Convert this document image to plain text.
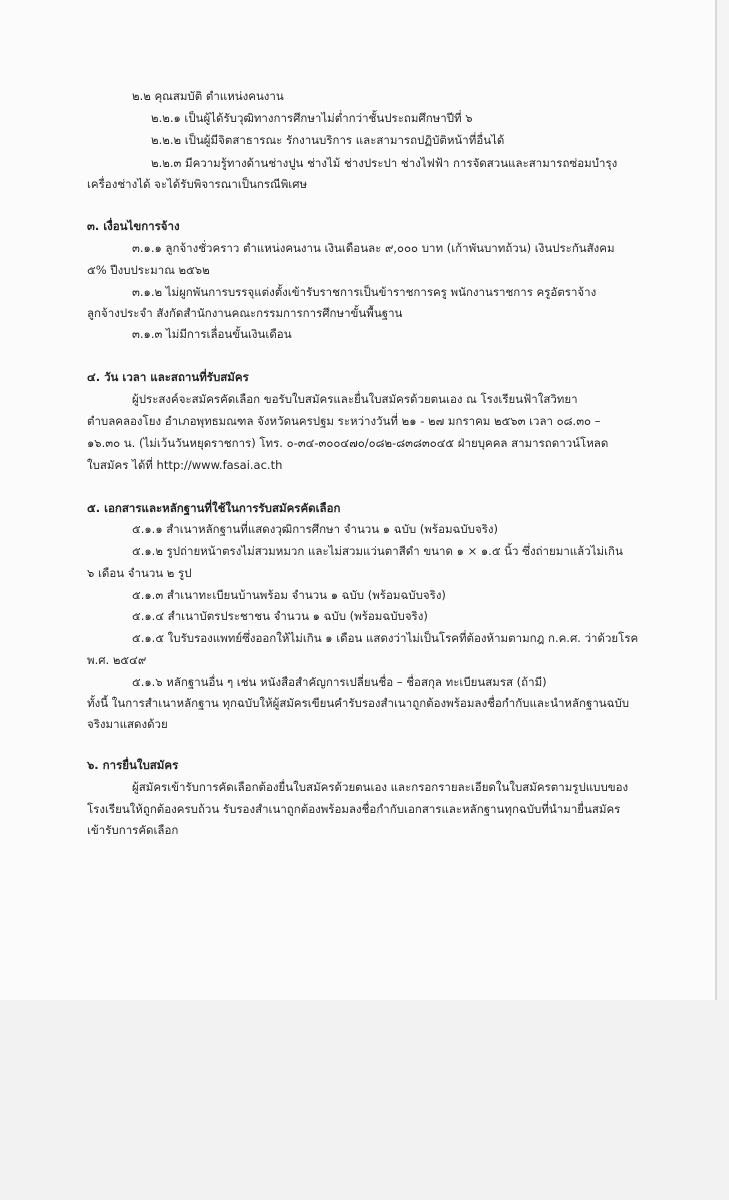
๒.๒ คุณสมบัติ ตำแหน่งคนงาน
๒.๒.๑ เป็นผู้ได้รับวุฒิทางการศึกษาไม่ต่ำกว่าชั้นประถมศึกษาปีที่ ๖
๒.๒.๒ เป็นผู้มีจิตสาธารณะ รักงานบริการ และสามารถปฏิบัติหน้าที่อื่นได้
๒.๒.๓ มีความรู้ทางด้านช่างปูน ช่างไม้ ช่างประปา ช่างไฟฟ้า การจัดสวนและสามารถซ่อมบำรุง
เครื่องช่างได้ จะได้รับพิจารณาเป็นกรณีพิเศษ
๓. เงื่อนไขการจ้าง
๓.๑.๑ ลูกจ้างชั่วคราว ตำแหน่งคนงาน เงินเดือนละ ๙,๐๐๐ บาท (เก้าพันบาทถ้วน) เงินประกันสังคม
๕% ปีงบประมาณ ๒๕๖๒
๓.๑.๒ ไม่ผูกพันการบรรจุแต่งตั้งเข้ารับราชการเป็นข้าราชการครู พนักงานราชการ ครูอัตราจ้าง
ลูกจ้างประจำ สังกัดสำนักงานคณะกรรมการการศึกษาขั้นพื้นฐาน
๓.๑.๓ ไม่มีการเลื่อนขั้นเงินเดือน
๔. วัน เวลา และสถานที่รับสมัคร
ผู้ประสงค์จะสมัครคัดเลือก ขอรับใบสมัครและยื่นใบสมัครด้วยตนเอง ณ โรงเรียนฟ้าใสวิทยา
ตำบลคลองโยง อำเภอพุทธมณฑล จังหวัดนครปฐม ระหว่างวันที่ ๒๑ - ๒๗ มกราคม ๒๕๖๓ เวลา ๐๘.๓๐ –
๑๖.๓๐ น. (ไม่เว้นวันหยุดราชการ) โทร. ๐-๓๔-๓๐๐๔๗๐/๐๘๒-๘๓๘๓๐๔๕ ฝ่ายบุคคล สามารถดาวน์โหลด
ใบสมัคร ได้ที่ http://www.fasai.ac.th
๕. เอกสารและหลักฐานที่ใช้ในการรับสมัครคัดเลือก
๕.๑.๑ สำเนาหลักฐานที่แสดงวุฒิการศึกษา จำนวน ๑ ฉบับ (พร้อมฉบับจริง)
๕.๑.๒ รูปถ่ายหน้าตรงไม่สวมหมวก และไม่สวมแว่นตาสีดำ ขนาด ๑ × ๑.๕ นิ้ว ซึ่งถ่ายมาแล้วไม่เกิน
๖ เดือน จำนวน ๒ รูป
๕.๑.๓ สำเนาทะเบียนบ้านพร้อม จำนวน ๑ ฉบับ (พร้อมฉบับจริง)
๕.๑.๔ สำเนาบัตรประชาชน จำนวน ๑ ฉบับ (พร้อมฉบับจริง)
๕.๑.๕ ใบรับรองแพทย์ซึ่งออกให้ไม่เกิน ๑ เดือน แสดงว่าไม่เป็นโรคที่ต้องห้ามตามกฎ ก.ค.ศ. ว่าด้วยโรค
พ.ศ. ๒๕๔๙
๕.๑.๖ หลักฐานอื่น ๆ เช่น หนังสือสำคัญการเปลี่ยนชื่อ – ชื่อสกุล ทะเบียนสมรส (ถ้ามี)
ทั้งนี้ ในการสำเนาหลักฐาน ทุกฉบับให้ผู้สมัครเขียนคำรับรองสำเนาถูกต้องพร้อมลงชื่อกำกับและนำหลักฐานฉบับ
จริงมาแสดงด้วย
๖. การยื่นใบสมัคร
ผู้สมัครเข้ารับการคัดเลือกต้องยื่นใบสมัครด้วยตนเอง และกรอกรายละเอียดในใบสมัครตามรูปแบบของ
โรงเรียนให้ถูกต้องครบถ้วน รับรองสำเนาถูกต้องพร้อมลงชื่อกำกับเอกสารและหลักฐานทุกฉบับที่นำมายื่นสมัคร
เข้ารับการคัดเลือก
